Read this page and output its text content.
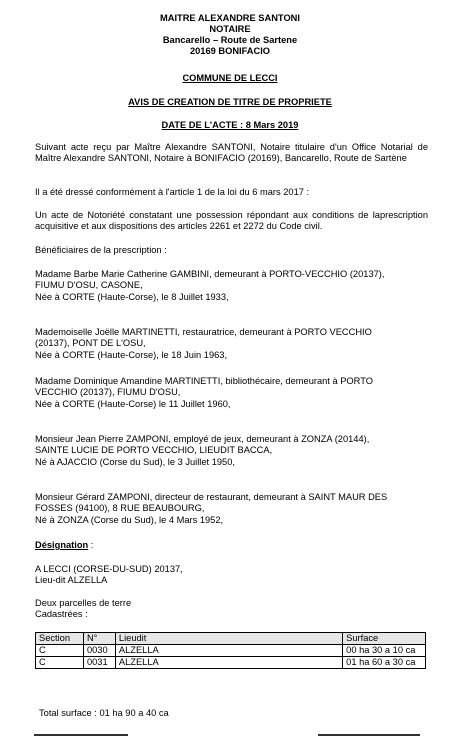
MAITRE ALEXANDRE SANTONI
NOTAIRE
Bancarello – Route de Sartene
20169 BONIFACIO
COMMUNE DE LECCI
AVIS DE CREATION DE TITRE DE PROPRIETE
DATE DE L'ACTE : 8 Mars 2019

Suivant acte reçu par Maître Alexandre SANTONI, Notaire titulaire d'un Office Notarial de Maître Alexandre SANTONI, Notaire à BONIFACIO (20169), Bancarello, Route de Sartène

Il a été dressé conformément à l'article 1 de la loi du 6 mars 2017 :

Un acte de Notoriété constatant une possession répondant aux conditions de laprescription acquisitive et aux dispositions des articles 2261 et 2272 du Code civil.

Bénéficiaires de la prescription :

Madame Barbe Marie Catherine GAMBINI, demeurant à PORTO-VECCHIO (20137),
FIUMU D'OSU, CASONE,
Née à CORTE (Haute-Corse), le 8 Juillet 1933,

Mademoiselle Joëlle MARTINETTI, restauratrice, demeurant à PORTO VECCHIO
(20137), PONT DE L'OSU,
Née à CORTE (Haute-Corse), le 18 Juin 1963,

Madame Dominique Amandine MARTINETTI, bibliothécaire, demeurant à PORTO
VECCHIO (20137), FIUMU D'OSU,
Née à CORTE (Haute-Corse) le 11 Juillet 1960,

Monsieur Jean Pierre ZAMPONI, employé de jeux, demeurant à ZONZA (20144),
SAINTE LUCIE DE PORTO VECCHIO, LIEUDIT BACCA,
Né à AJACCIO (Corse du Sud), le 3 Juillet 1950,

Monsieur Gérard ZAMPONI, directeur de restaurant, demeurant à SAINT MAUR DES
FOSSES (94100), 8 RUE BEAUBOURG,
Né à ZONZA (Corse du Sud), le 4 Mars 1952,

Désignation :

A LECCI (CORSE-DU-SUD) 20137,
Lieu-dit ALZELLA

Deux parcelles de terre
Cadastrées :

Section	N°	Lieudit	Surface
C	0030	ALZELLA	00 ha 30 a 10 ca
C	0031	ALZELLA	01 ha 60 a 30 ca

Total surface : 01 ha 90 a 40 ca
